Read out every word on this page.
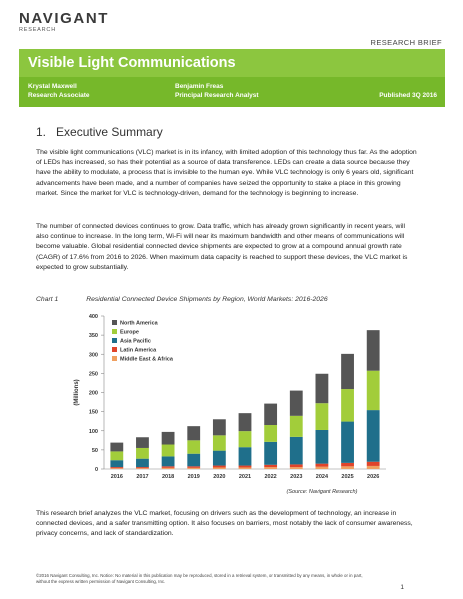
NAVIGANT
RESEARCH
RESEARCH BRIEF
Visible Light Communications
Krystal Maxwell
Research Associate
Benjamin Freas
Principal Research Analyst	Published 3Q 2016
1. Executive Summary

The visible light communications (VLC) market is in its infancy, with limited adoption of this technology thus far. As the adoption of LEDs has increased, so has their potential as a source of data transference. LEDs can create a data source because they have the ability to modulate, a process that is invisible to the human eye. While VLC technology is only 6 years old, significant advancements have been made, and a number of companies have seized the opportunity to stake a place in this growing market. Since the market for VLC is technology-driven, demand for the technology is beginning to increase.

The number of connected devices continues to grow. Data traffic, which has already grown significantly in recent years, will also continue to increase. In the long term, Wi-Fi will near its maximum bandwidth and other means of communications will become valuable. Global residential connected device shipments are expected to grow at a compound annual growth rate (CAGR) of 17.6% from 2016 to 2026. When maximum data capacity is reached to support these devices, the VLC market is expected to grow substantially.

Chart 1	Residential Connected Device Shipments by Region, World Markets: 2016-2026
0
50
100
150
200
250
300
350
400
(Millions)
2016 2017 2018 2019 2020 2021 2022 2023 2024 2025 2026
North America
Europe
Asia Pacific
Latin America
Middle East & Africa
(Source: Navigant Research)

This research brief analyzes the VLC market, focusing on drivers such as the development of technology, an increase in connected devices, and a safer transmitting option. It also focuses on barriers, most notably the lack of consumer awareness, privacy concerns, and lack of standardization.

©2016 Navigant Consulting, Inc. Notice: No material in this publication may be reproduced, stored in a retrieval system, or transmitted by any means, in whole or in part, without the express written permission of Navigant Consulting, Inc.
1
